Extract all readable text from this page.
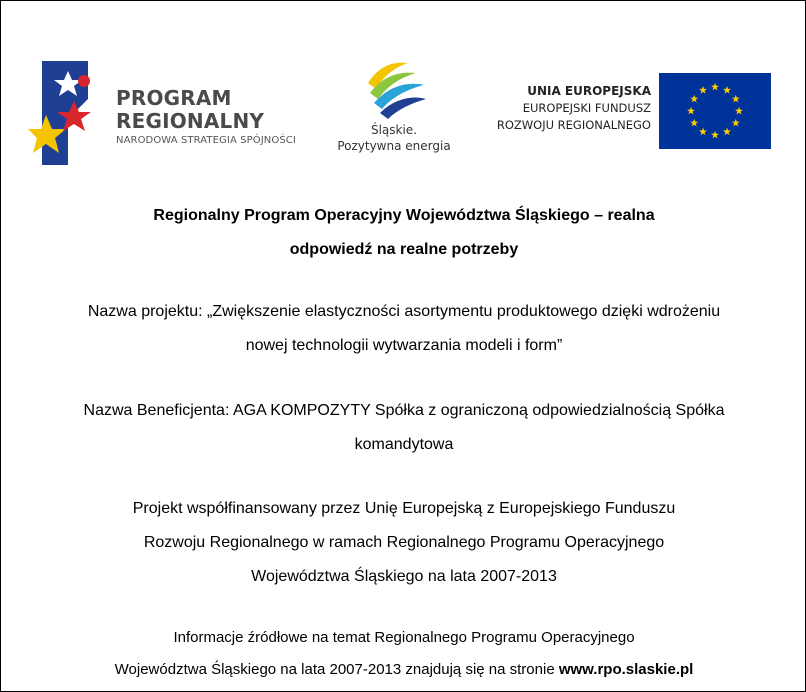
PROGRAM
REGIONALNY
NARODOWA STRATEGIA SPÓJNOŚCI
Śląskie.
Pozytywna energia
UNIA EUROPEJSKA
EUROPEJSKI FUNDUSZ
ROZWOJU REGIONALNEGO
Regionalny Program Operacyjny Województwa Śląskiego – realna
odpowiedź na realne potrzeby
Nazwa projektu: „Zwiększenie elastyczności asortymentu produktowego dzięki wdrożeniu
nowej technologii wytwarzania modeli i form”
Nazwa Beneficjenta: AGA KOMPOZYTY Spółka z ograniczoną odpowiedzialnością Spółka
komandytowa
Projekt współfinansowany przez Unię Europejską z Europejskiego Funduszu
Rozwoju Regionalnego w ramach Regionalnego Programu Operacyjnego
Województwa Śląskiego na lata 2007-2013
Informacje źródłowe na temat Regionalnego Programu Operacyjnego
Województwa Śląskiego na lata 2007-2013 znajdują się na stronie www.rpo.slaskie.pl
